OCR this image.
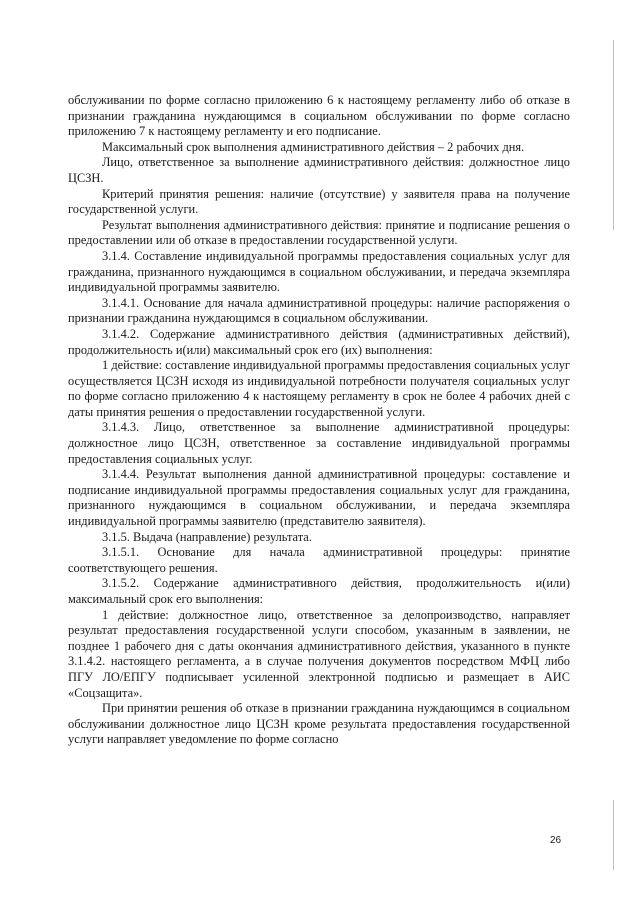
обслуживании по форме согласно приложению 6 к настоящему регламенту либо об отказе в признании гражданина нуждающимся в социальном обслуживании по форме согласно приложению 7 к настоящему регламенту и его подписание.

Максимальный срок выполнения административного действия – 2 рабочих дня.

Лицо, ответственное за выполнение административного действия: должностное лицо ЦСЗН.

Критерий принятия решения: наличие (отсутствие) у заявителя права на получение государственной услуги.

Результат выполнения административного действия: принятие и подписание решения о предоставлении или об отказе в предоставлении государственной услуги.

3.1.4. Составление индивидуальной программы предоставления социальных услуг для гражданина, признанного нуждающимся в социальном обслуживании, и передача экземпляра индивидуальной программы заявителю.

3.1.4.1. Основание для начала административной процедуры: наличие распоряжения о признании гражданина нуждающимся в социальном обслуживании.

3.1.4.2. Содержание административного действия (административных действий), продолжительность и(или) максимальный срок его (их) выполнения:

1 действие: составление индивидуальной программы предоставления социальных услуг осуществляется ЦСЗН исходя из индивидуальной потребности получателя социальных услуг по форме согласно приложению 4 к настоящему регламенту в срок не более 4 рабочих дней с даты принятия решения о предоставлении государственной услуги.

3.1.4.3. Лицо, ответственное за выполнение административной процедуры: должностное лицо ЦСЗН, ответственное за составление индивидуальной программы предоставления социальных услуг.

3.1.4.4. Результат выполнения данной административной процедуры: составление и подписание индивидуальной программы предоставления социальных услуг для гражданина, признанного нуждающимся в социальном обслуживании, и передача экземпляра индивидуальной программы заявителю (представителю заявителя).

3.1.5. Выдача (направление) результата.

3.1.5.1. Основание для начала административной процедуры: принятие соответствующего решения.

3.1.5.2. Содержание административного действия, продолжительность и(или) максимальный срок его выполнения:

1 действие: должностное лицо, ответственное за делопроизводство, направляет результат предоставления государственной услуги способом, указанным в заявлении, не позднее 1 рабочего дня с даты окончания административного действия, указанного в пункте 3.1.4.2. настоящего регламента, а в случае получения документов посредством МФЦ либо ПГУ ЛО/ЕПГУ подписывает усиленной электронной подписью и размещает в АИС «Соцзащита».

При принятии решения об отказе в признании гражданина нуждающимся в социальном обслуживании должностное лицо ЦСЗН кроме результата предоставления государственной услуги направляет уведомление по форме согласно

26
